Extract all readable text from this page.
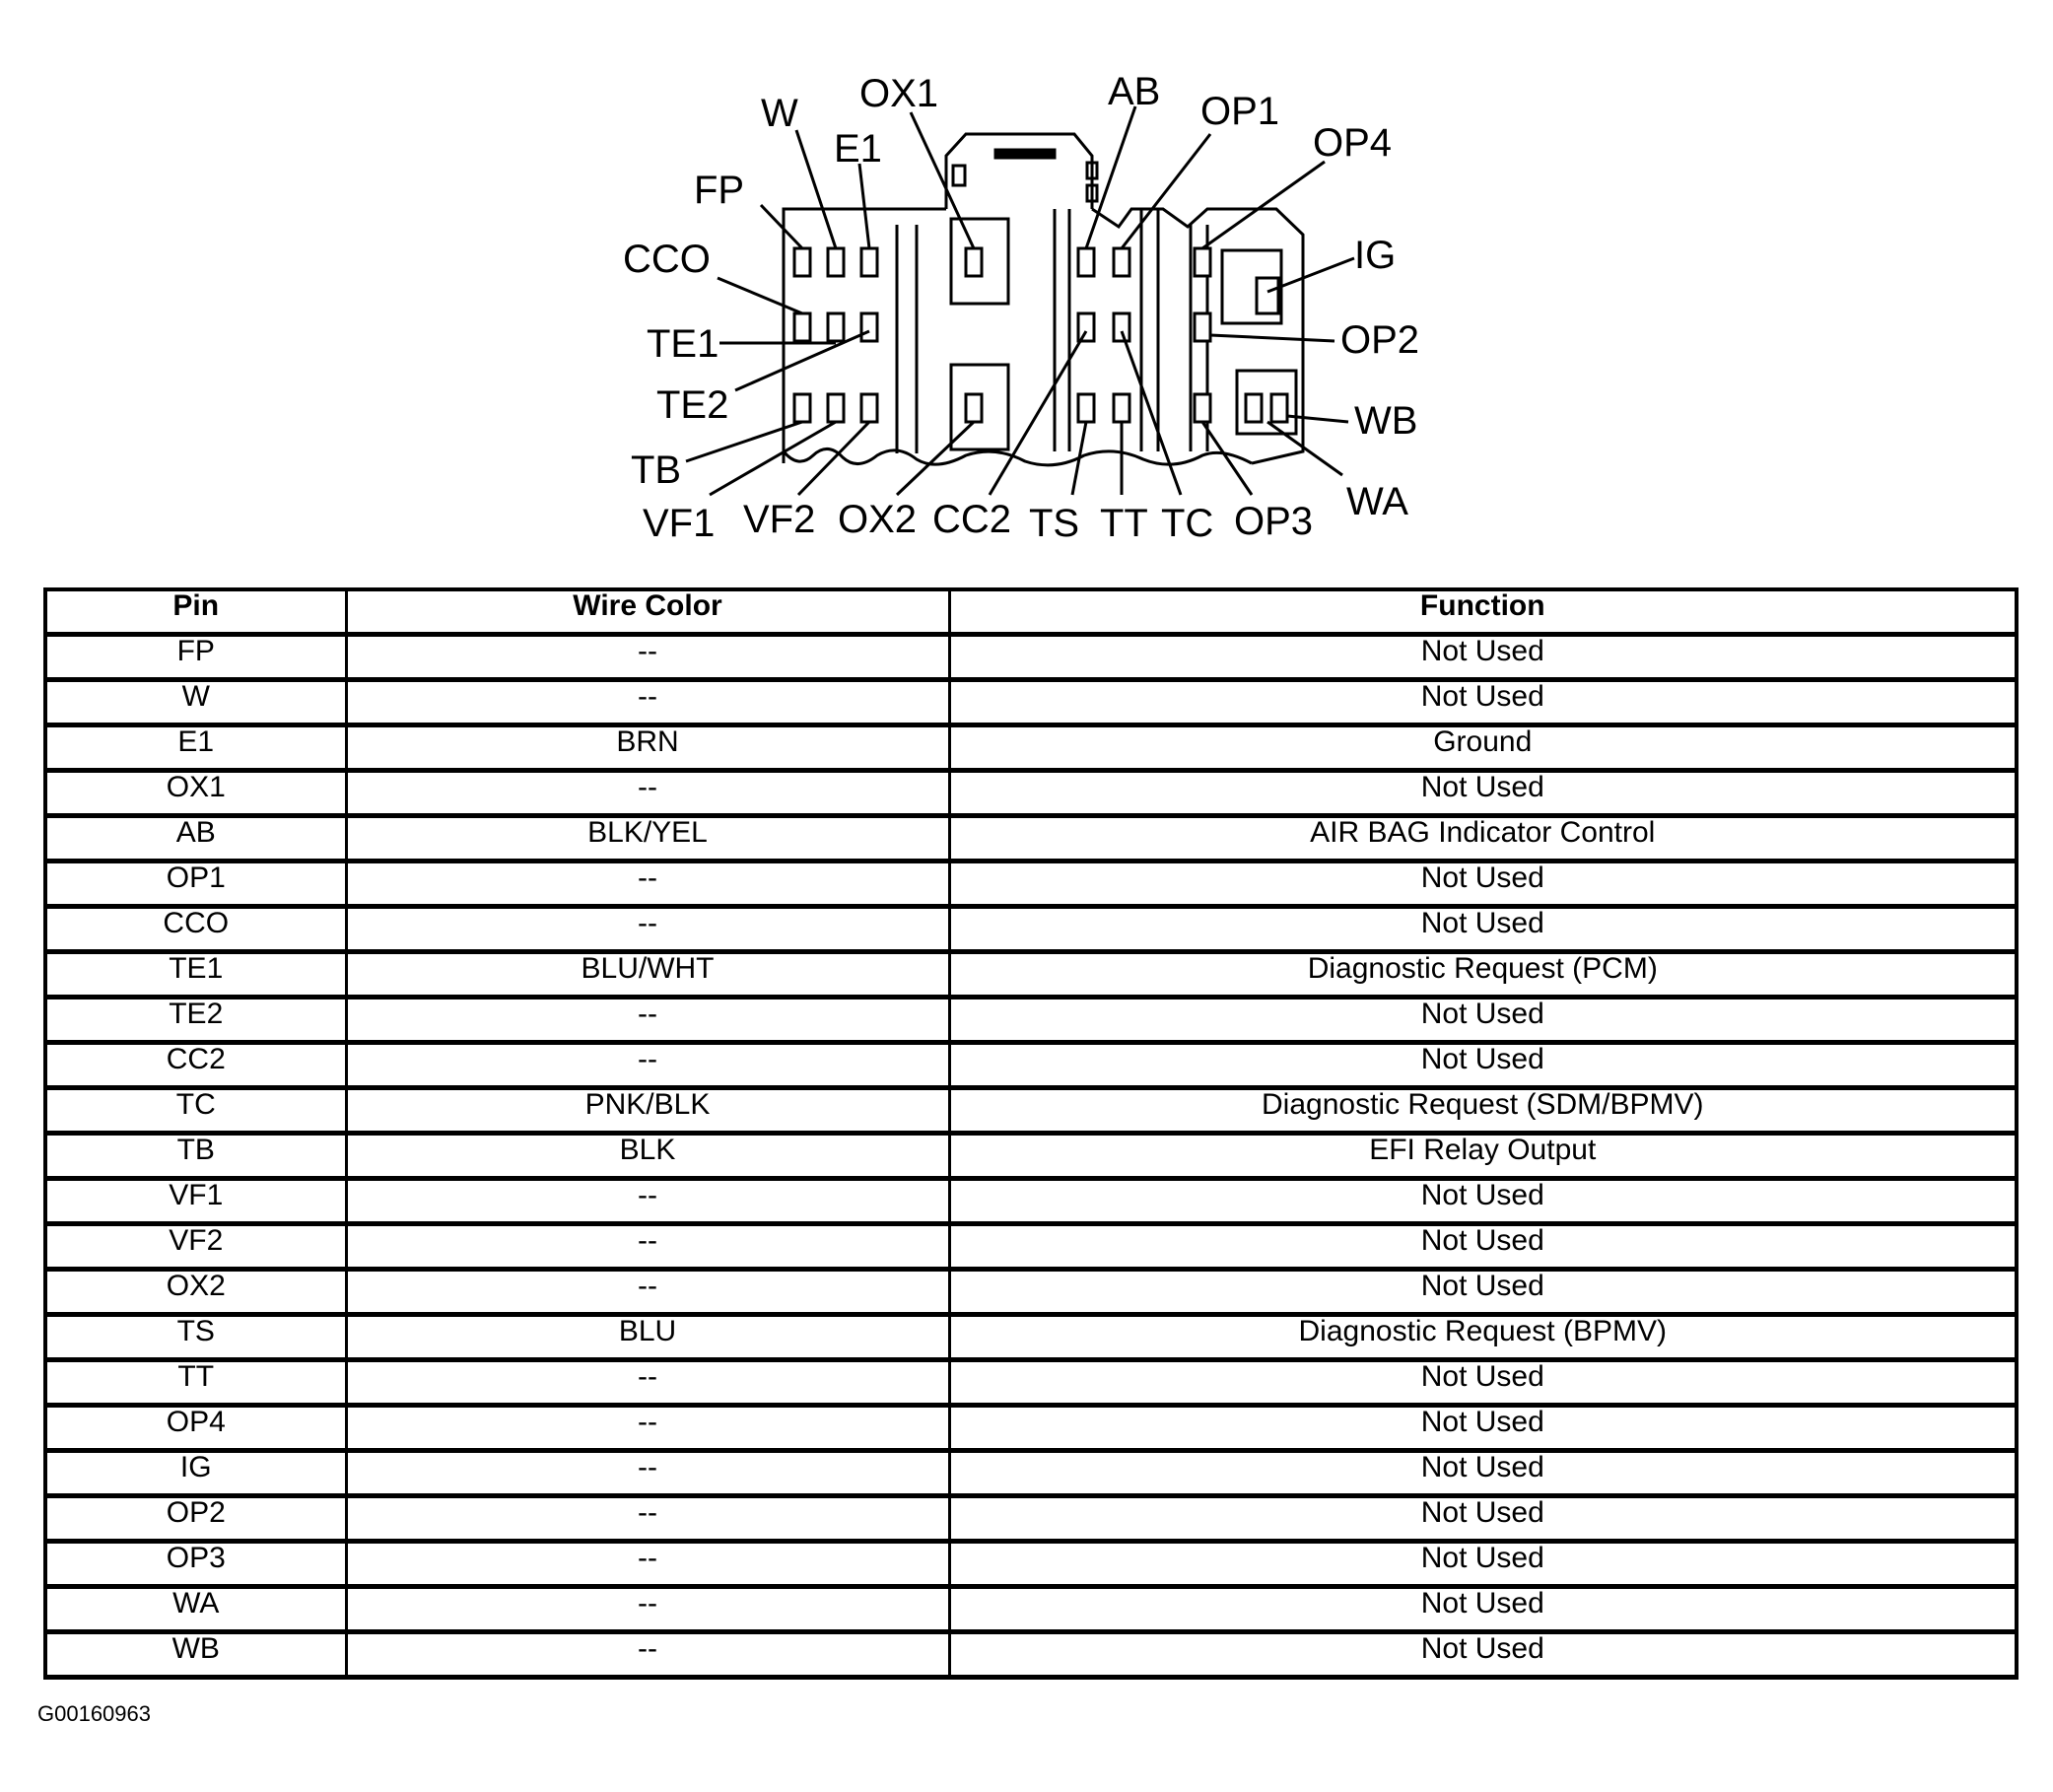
FP
W
E1
OX1	AB OP1
OP4
IG
CCO
TE1
TE2
OP2
WB
TB
VF1 VF2 OX2 CC2 TS TT TC OP3 WA
Pin	Wire Color	Function
FP	--	Not Used
W	--	Not Used
E1	BRN	Ground
OX1	--	Not Used
AB	BLK/YEL	AIR BAG Indicator Control
OP1	--	Not Used
CCO	--	Not Used
TE1	BLU/WHT	Diagnostic Request (PCM)
TE2	--	Not Used
CC2	--	Not Used
TC	PNK/BLK	Diagnostic Request (SDM/BPMV)
TB	BLK	EFI Relay Output
VF1	--	Not Used
VF2	--	Not Used
OX2	--	Not Used
TS	BLU	Diagnostic Request (BPMV)
TT	--	Not Used
OP4	--	Not Used
IG	--	Not Used
OP2	--	Not Used
OP3	--	Not Used
WA	--	Not Used
WB	--	Not Used
G00160963
